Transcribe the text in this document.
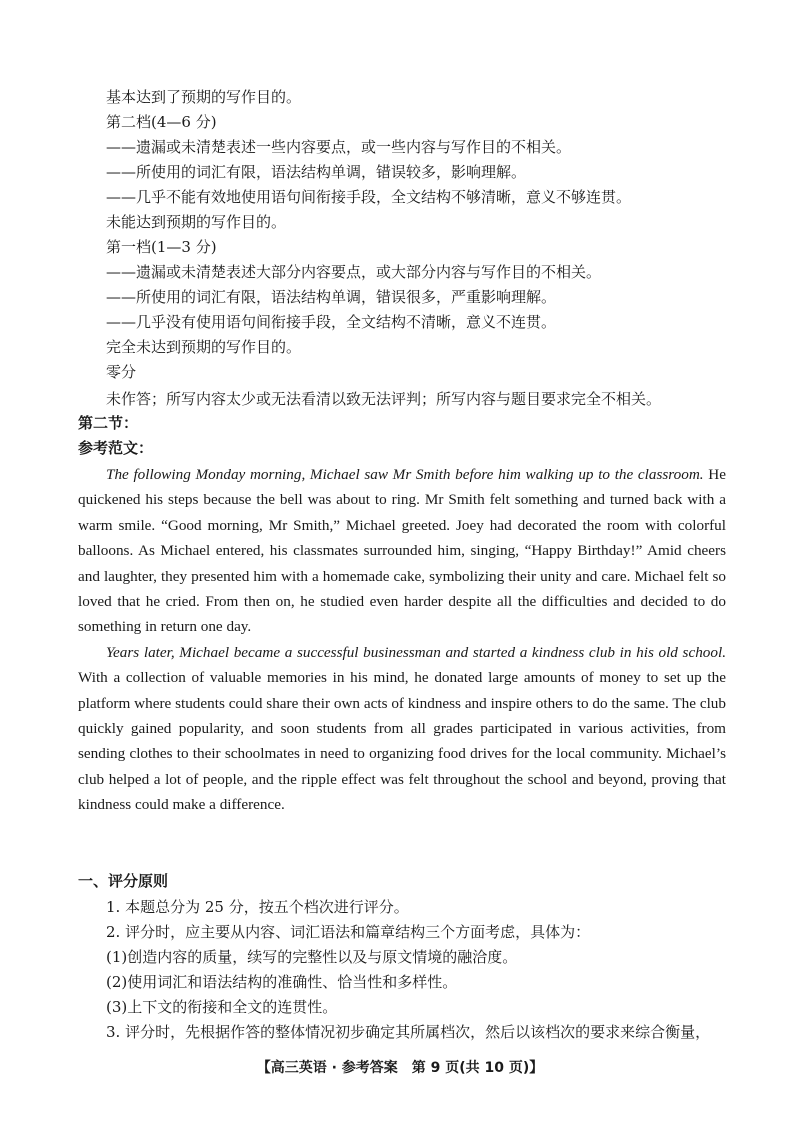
基本达到了预期的写作目的。
第二档(4—6 分)
——遗漏或未清楚表述一些内容要点，或一些内容与写作目的不相关。
——所使用的词汇有限，语法结构单调，错误较多，影响理解。
——几乎不能有效地使用语句间衔接手段，全文结构不够清晰，意义不够连贯。
未能达到预期的写作目的。
第一档(1—3 分)
——遗漏或未清楚表述大部分内容要点，或大部分内容与写作目的不相关。
——所使用的词汇有限，语法结构单调，错误很多，严重影响理解。
——几乎没有使用语句间衔接手段，全文结构不清晰，意义不连贯。
完全未达到预期的写作目的。
零分
未作答；所写内容太少或无法看清以致无法评判；所写内容与题目要求完全不相关。
第二节：
参考范文：

The following Monday morning, Michael saw Mr Smith before him walking up to the classroom. He quickened his steps because the bell was about to ring. Mr Smith felt something and turned back with a warm smile. “Good morning, Mr Smith,” Michael greeted. Joey had decorated the room with colorful balloons. As Michael entered, his classmates surrounded him, singing, “Happy Birthday!” Amid cheers and laughter, they presented him with a homemade cake, symbolizing their unity and care. Michael felt so loved that he cried. From then on, he studied even harder despite all the difficulties and decided to do something in return one day.

Years later, Michael became a successful businessman and started a kindness club in his old school. With a collection of valuable memories in his mind, he donated large amounts of money to set up the platform where students could share their own acts of kindness and inspire others to do the same. The club quickly gained popularity, and soon students from all grades participated in various activities, from sending clothes to their schoolmates in need to organizing food drives for the local community. Michael’s club helped a lot of people, and the ripple effect was felt throughout the school and beyond, proving that kindness could make a difference.

一、评分原则
1. 本题总分为 25 分，按五个档次进行评分。
2. 评分时，应主要从内容、词汇语法和篇章结构三个方面考虑，具体为：
(1)创造内容的质量，续写的完整性以及与原文情境的融洽度。
(2)使用词汇和语法结构的准确性、恰当性和多样性。
(3)上下文的衔接和全文的连贯性。
3. 评分时，先根据作答的整体情况初步确定其所属档次，然后以该档次的要求来综合衡量，
【高三英语 · 参考答案　第 9 页(共 10 页)】
